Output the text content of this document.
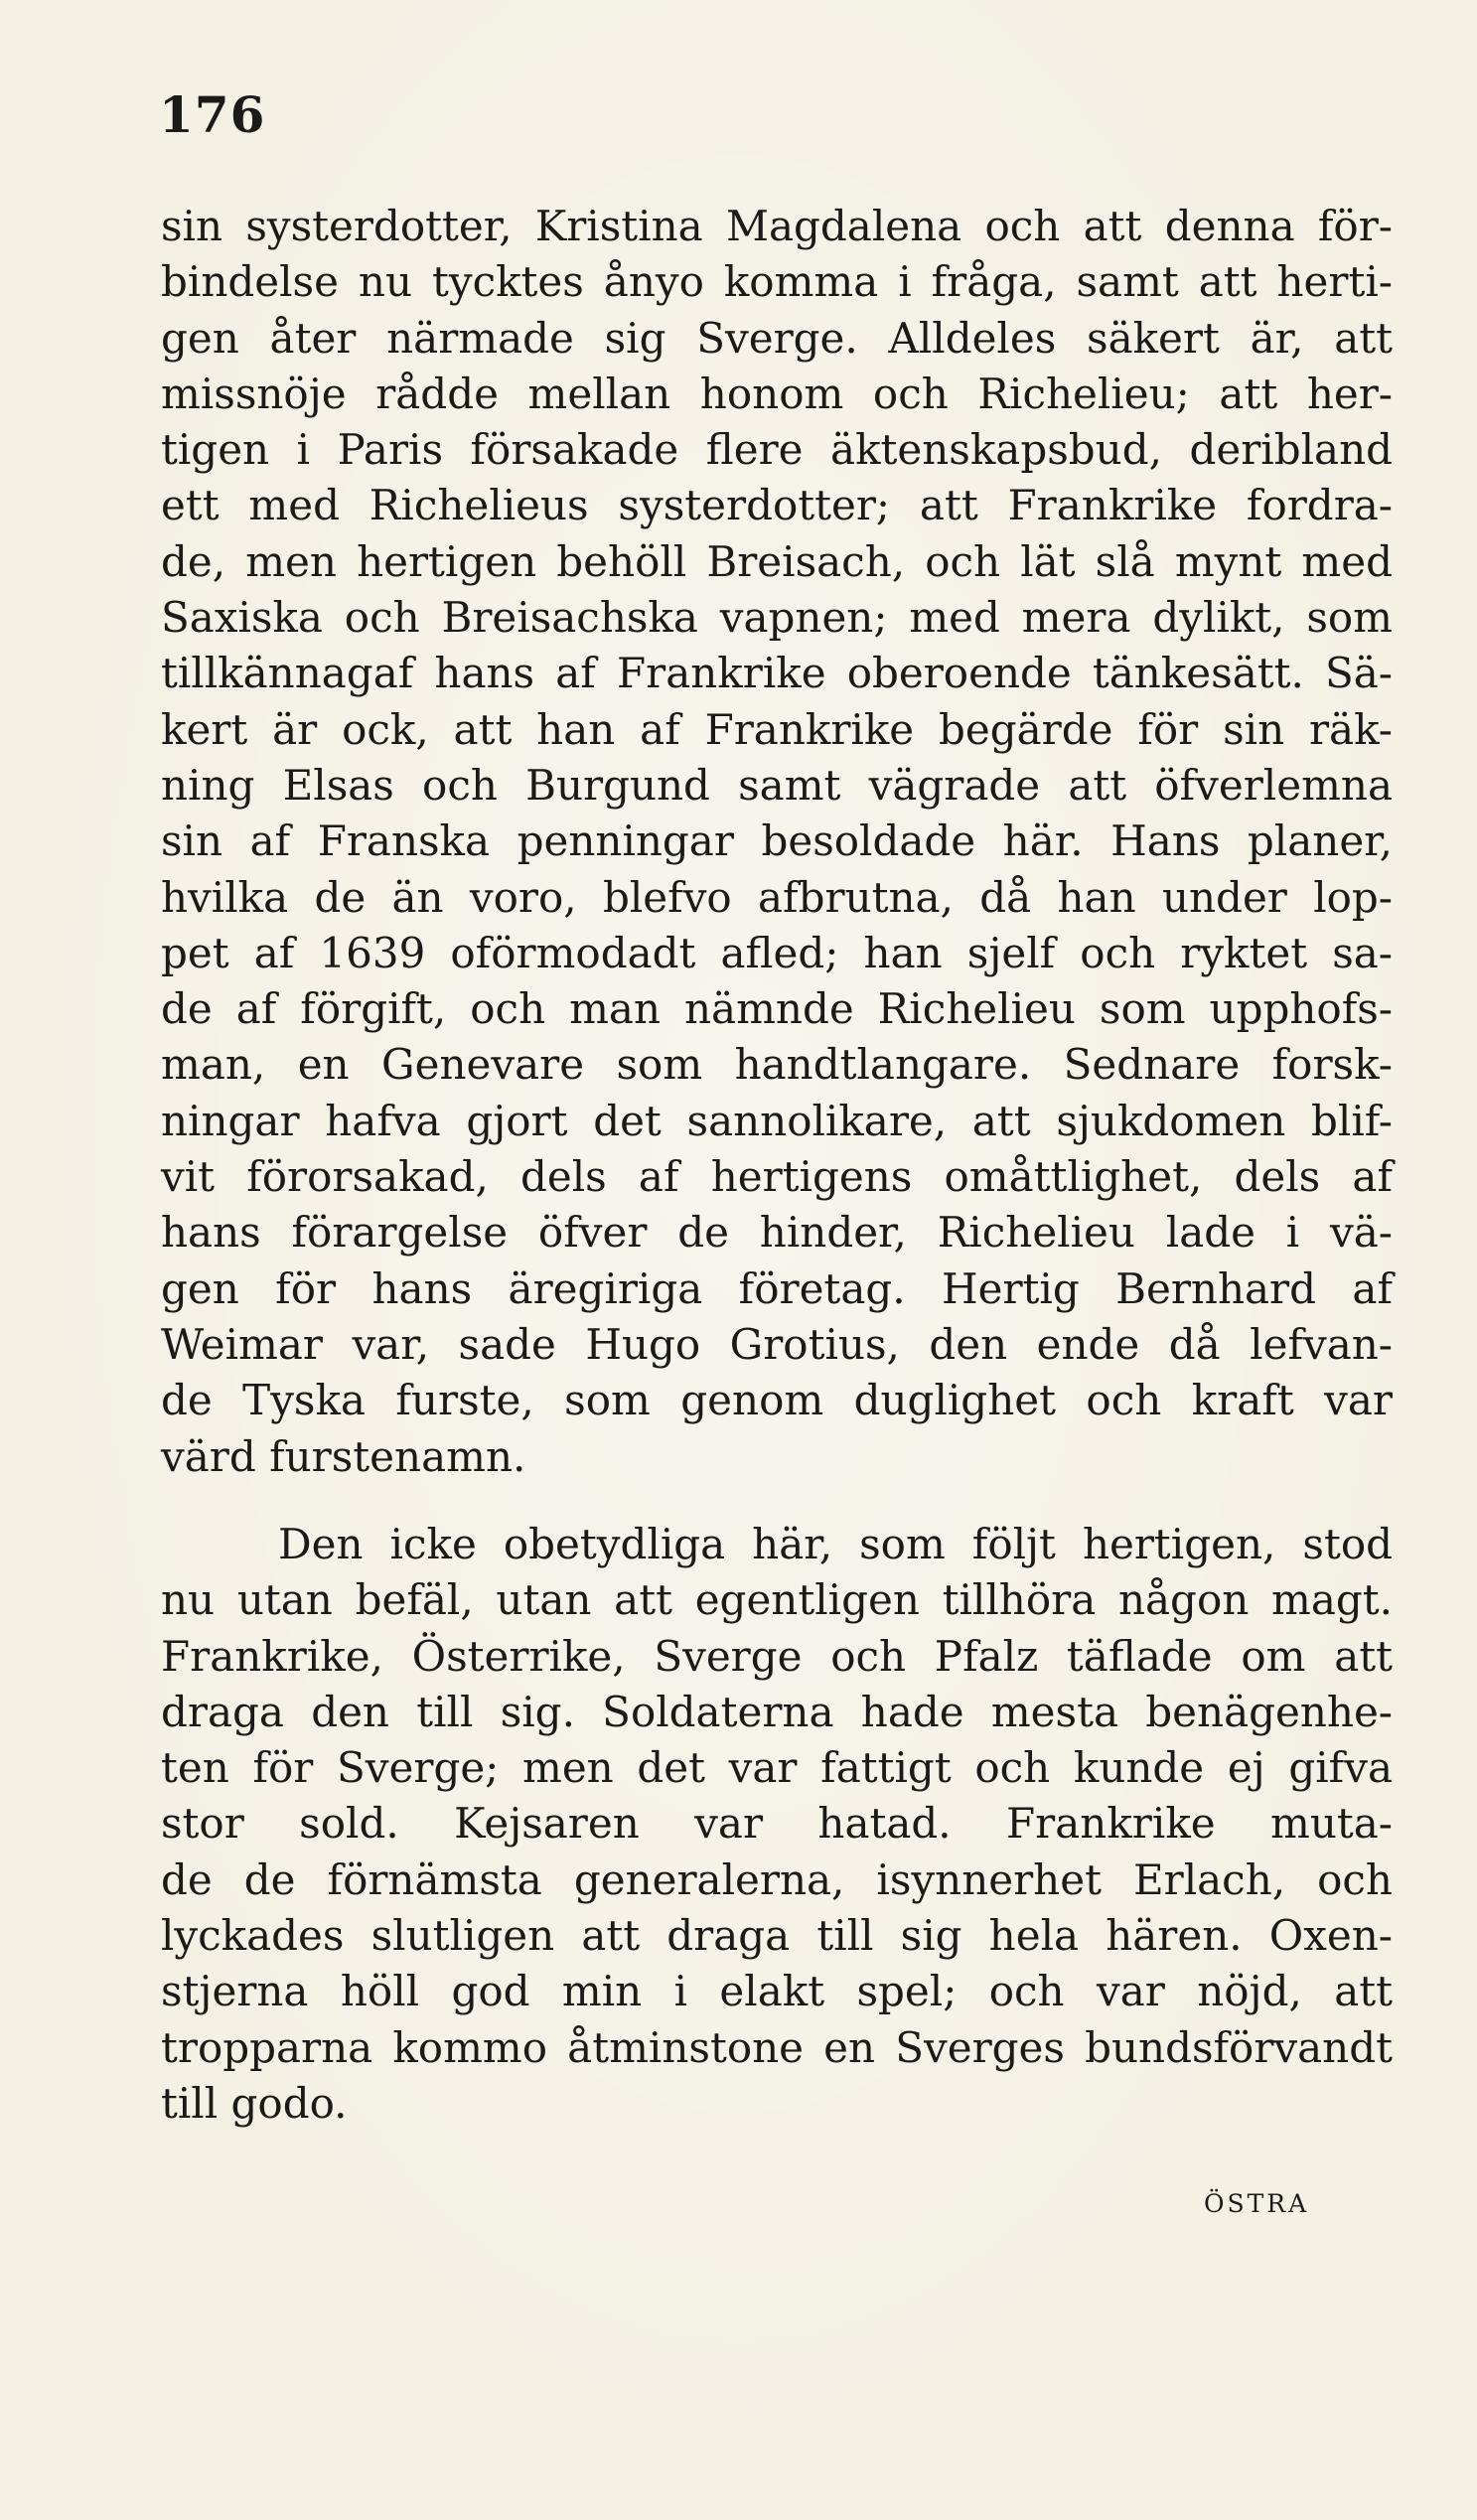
176
sin systerdotter, Kristina Magdalena och att denna för-
bindelse nu tycktes ånyo komma i fråga, samt att herti-
gen åter närmade sig Sverge. Alldeles säkert är, att
missnöje rådde mellan honom och Richelieu; att her-
tigen i Paris försakade flere äktenskapsbud, deribland
ett med Richelieus systerdotter; att Frankrike fordra-
de, men hertigen behöll Breisach, och lät slå mynt med
Saxiska och Breisachska vapnen; med mera dylikt, som
tillkännagaf hans af Frankrike oberoende tänkesätt. Sä-
kert är ock, att han af Frankrike begärde för sin räk-
ning Elsas och Burgund samt vägrade att öfverlemna
sin af Franska penningar besoldade här. Hans planer,
hvilka de än voro, blefvo afbrutna, då han under lop-
pet af 1639 oförmodadt afled; han sjelf och ryktet sa-
de af förgift, och man nämnde Richelieu som upphofs-
man, en Genevare som handtlangare. Sednare forsk-
ningar hafva gjort det sannolikare, att sjukdomen blif-
vit förorsakad, dels af hertigens omåttlighet, dels af
hans förargelse öfver de hinder, Richelieu lade i vä-
gen för hans äregiriga företag. Hertig Bernhard af
Weimar var, sade Hugo Grotius, den ende då lefvan-
de Tyska furste, som genom duglighet och kraft var
värd furstenamn.
Den icke obetydliga här, som följt hertigen, stod
nu utan befäl, utan att egentligen tillhöra någon magt.
Frankrike, Österrike, Sverge och Pfalz täflade om att
draga den till sig. Soldaterna hade mesta benägenhe-
ten för Sverge; men det var fattigt och kunde ej gifva
stor sold. Kejsaren var hatad. Frankrike muta-
de de förnämsta generalerna, isynnerhet Erlach, och
lyckades slutligen att draga till sig hela hären. Oxen-
stjerna höll god min i elakt spel; och var nöjd, att
tropparna kommo åtminstone en Sverges bundsförvandt
till godo.
ÖSTRA
